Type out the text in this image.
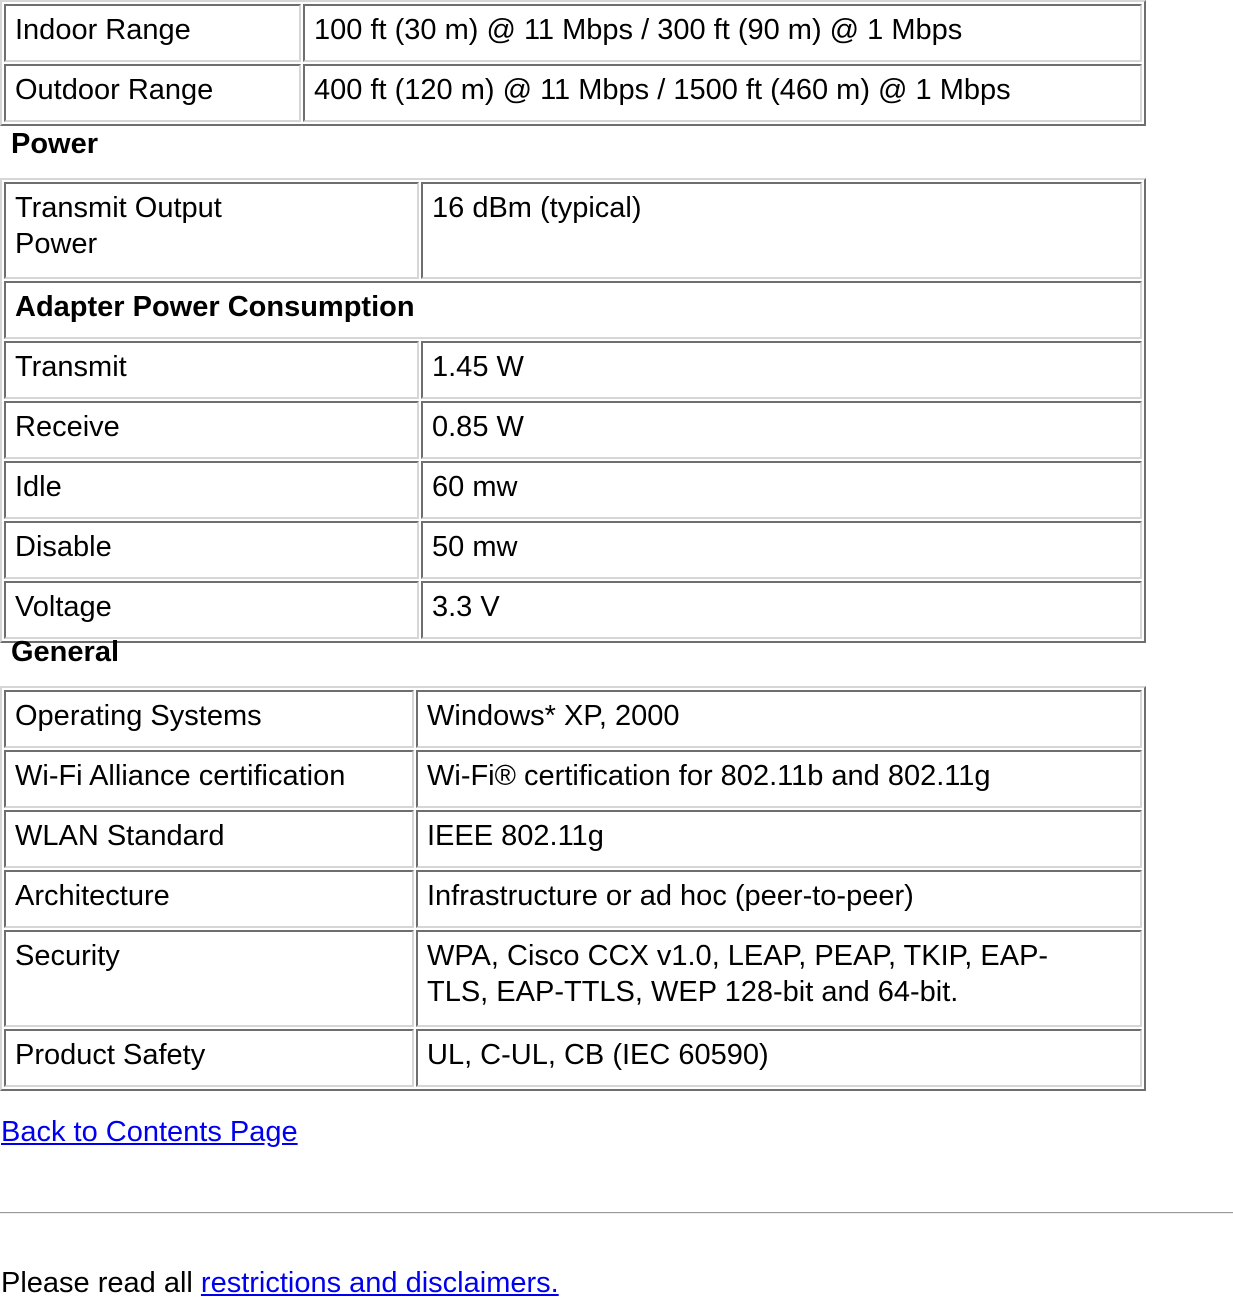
Indoor Range	100 ft (30 m) @ 11 Mbps / 300 ft (90 m) @ 1 Mbps
Outdoor Range	400 ft (120 m) @ 11 Mbps / 1500 ft (460 m) @ 1 Mbps
Power
Transmit Output
Power	16 dBm (typical)
Adapter Power Consumption	
Transmit	1.45 W
Receive	0.85 W
Idle	60 mw
Disable	50 mw
Voltage	3.3 V
General
Operating Systems	Windows* XP, 2000
Wi-Fi Alliance certification	Wi-Fi® certification for 802.11b and 802.11g
WLAN Standard	IEEE 802.11g
Architecture	Infrastructure or ad hoc (peer-to-peer)
Security	WPA, Cisco CCX v1.0, LEAP, PEAP, TKIP, EAP-
TLS, EAP-TTLS, WEP 128-bit and 64-bit.
Product Safety	UL, C-UL, CB (IEC 60590)
Back to Contents Page
Please read all restrictions and disclaimers.
